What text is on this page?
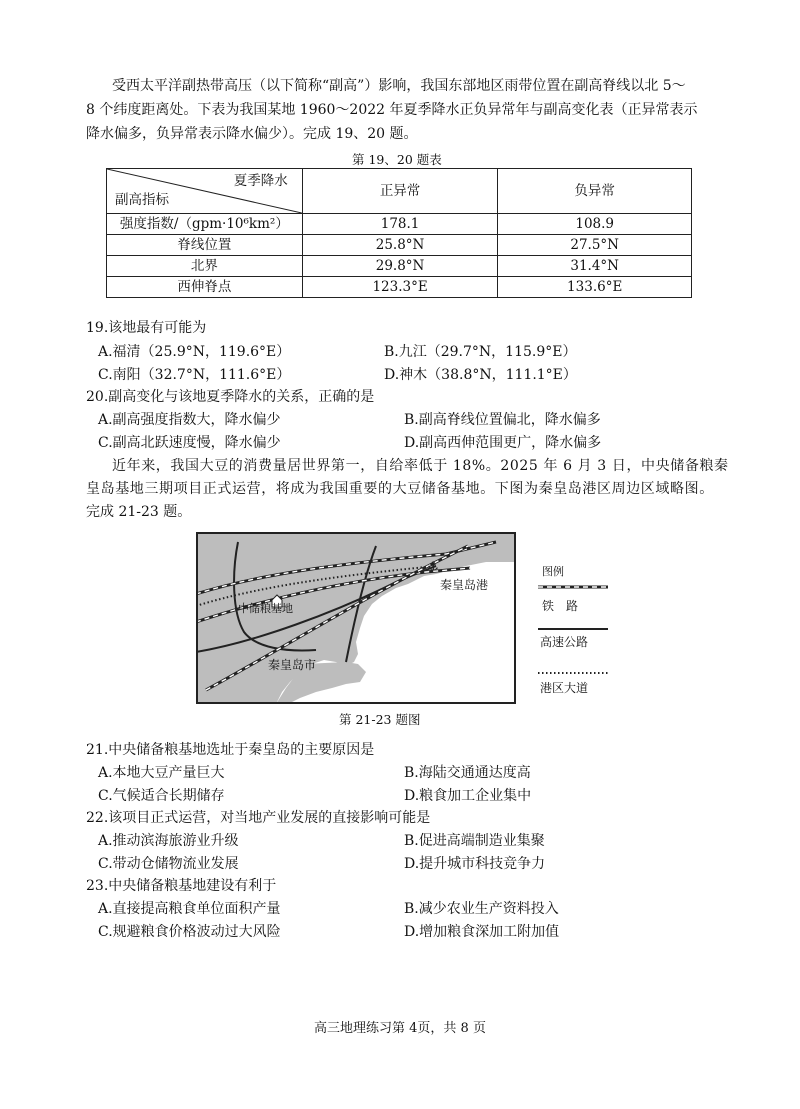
受西太平洋副热带高压（以下简称“副高”）影响，我国东部地区雨带位置在副高脊线以北 5～
8 个纬度距离处。下表为我国某地 1960～2022 年夏季降水正负异常年与副高变化表（正异常表示
降水偏多，负异常表示降水偏少）。完成 19、20 题。
第 19、20 题表
夏季降水
副高指标	正异常	负异常
强度指数/（gpm·10⁶km²）	178.1	108.9
脊线位置	25.8°N	27.5°N
北界	29.8°N	31.4°N
西伸脊点	123.3°E	133.6°E
19.该地最有可能为
A.福清（25.9°N，119.6°E）	B.九江（29.7°N，115.9°E）
C.南阳（32.7°N，111.6°E）	D.神木（38.8°N，111.1°E）
20.副高变化与该地夏季降水的关系，正确的是
A.副高强度指数大，降水偏少	B.副高脊线位置偏北，降水偏多
C.副高北跃速度慢，降水偏少	D.副高西伸范围更广，降水偏多
近年来，我国大豆的消费量居世界第一，自给率低于 18%。2025 年 6 月 3 日，中央储备粮秦
皇岛基地三期项目正式运营，将成为我国重要的大豆储备基地。下图为秦皇岛港区周边区域略图。
完成 21-23 题。
⚓
秦皇岛港
中储粮基地
秦皇岛市
图例
铁　路
高速公路
港区大道
第 21-23 题图
21.中央储备粮基地选址于秦皇岛的主要原因是
A.本地大豆产量巨大	B.海陆交通通达度高
C.气候适合长期储存	D.粮食加工企业集中
22.该项目正式运营，对当地产业发展的直接影响可能是
A.推动滨海旅游业升级	B.促进高端制造业集聚
C.带动仓储物流业发展	D.提升城市科技竞争力
23.中央储备粮基地建设有利于
A.直接提高粮食单位面积产量	B.减少农业生产资料投入
C.规避粮食价格波动过大风险	D.增加粮食深加工附加值
高三地理练习第 4页，共 8 页
